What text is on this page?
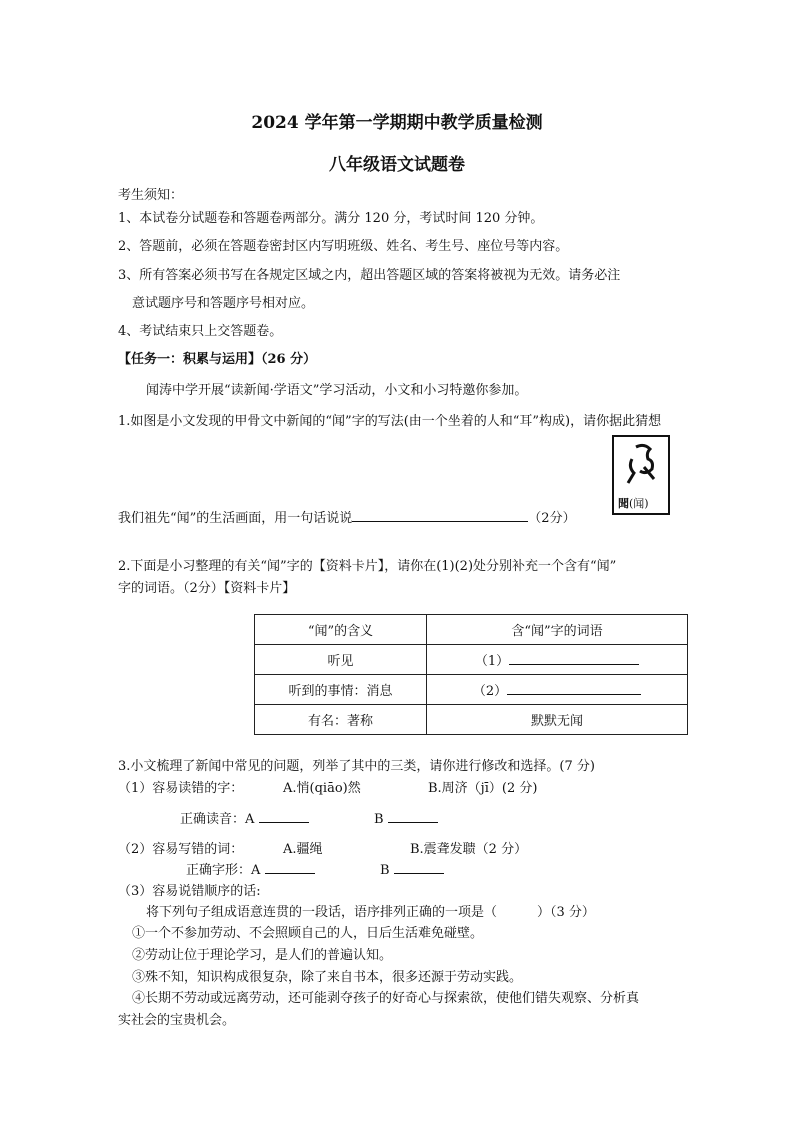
2024 学年第一学期期中教学质量检测
八年级语文试题卷
考生须知：
1、本试卷分试题卷和答题卷两部分。满分 120 分，考试时间 120 分钟。
2、答题前，必须在答题卷密封区内写明班级、姓名、考生号、座位号等内容。
3、所有答案必须书写在各规定区域之内，超出答题区域的答案将被视为无效。请务必注
意试题序号和答题序号相对应。
4、考试结束只上交答题卷。
【任务一：积累与运用】（26 分）
闻涛中学开展“读新闻·学语文”学习活动，小文和小习特邀你参加。
1.如图是小文发现的甲骨文中新闻的“闻”字的写法(由一个坐着的人和“耳”构成)，请你据此猜想
聞(闻)
我们祖先“闻”的生活画面，用一句话说说	（2分）
2.下面是小习整理的有关“闻”字的【资料卡片】，请你在(1)(2)处分别补充一个含有“闻”
字的词语。（2分）【资料卡片】
“闻”的含义	含“闻”字的词语
听见	（1）
听到的事情：消息	（2）
有名：著称	默默无闻
3.小文梳理了新闻中常见的问题，列举了其中的三类，请你进行修改和选择。(7 分)
（1）容易读错的字：	A.悄(qiāo)然	B.周济（jī）(2 分)
正确读音：A	B
（2）容易写错的词：	A.疆绳	B.震聋发聩（2 分）
正确字形：A	B
（3）容易说错顺序的话:
将下列句子组成语意连贯的一段话，语序排列正确的一项是（	）（3 分）
①一个不参加劳动、不会照顾自己的人，日后生活难免碰壁。
②劳动让位于理论学习，是人们的普遍认知。
③殊不知，知识构成很复杂，除了来自书本，很多还源于劳动实践。
④长期不劳动或远离劳动，还可能剥夺孩子的好奇心与探索欲，使他们错失观察、分析真
实社会的宝贵机会。
